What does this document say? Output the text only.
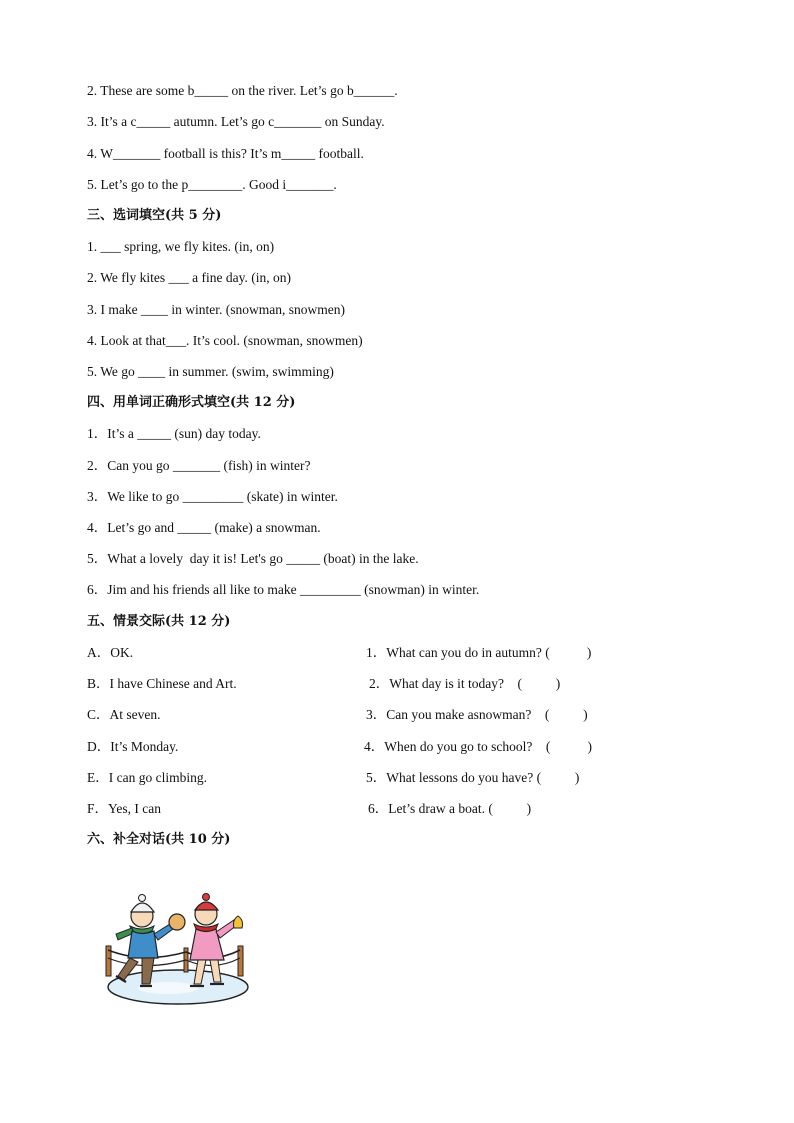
2. These are some b_____ on the river. Let’s go b______.
3. It’s a c_____ autumn. Let’s go c_______ on Sunday.
4. W_______ football is this? It’s m_____ football.
5. Let’s go to the p________. Good i_______.
三、选词填空(共 5 分)
1. ___ spring, we fly kites. (in, on)
2. We fly kites ___ a fine day. (in, on)
3. I make ____ in winter. (snowman, snowmen)
4. Look at that___. It’s cool. (snowman, snowmen)
5. We go ____ in summer. (swim, swimming)
四、用单词正确形式填空(共 12 分)
1．It’s a _____ (sun) day today.
2．Can you go _______ (fish) in winter?
3．We like to go _________ (skate) in winter.
4．Let’s go and _____ (make) a snowman.
5．What a lovely  day it is! Let's go _____ (boat) in the lake.
6．Jim and his friends all like to make _________ (snowman) in winter.
五、情景交际(共 12 分)
A．OK.
B．I have Chinese and Art.
C．At seven.
D．It’s Monday.
E．I can go climbing.
F．Yes, I can
1．What can you do in autumn? (           )
2．What day is it today?    (          )
3．Can you make asnowman?    (          )
4．When do you go to school?    (           )
5．What lessons do you have? (          )
6．Let’s draw a boat. (          )
六、补全对话(共 10 分)
